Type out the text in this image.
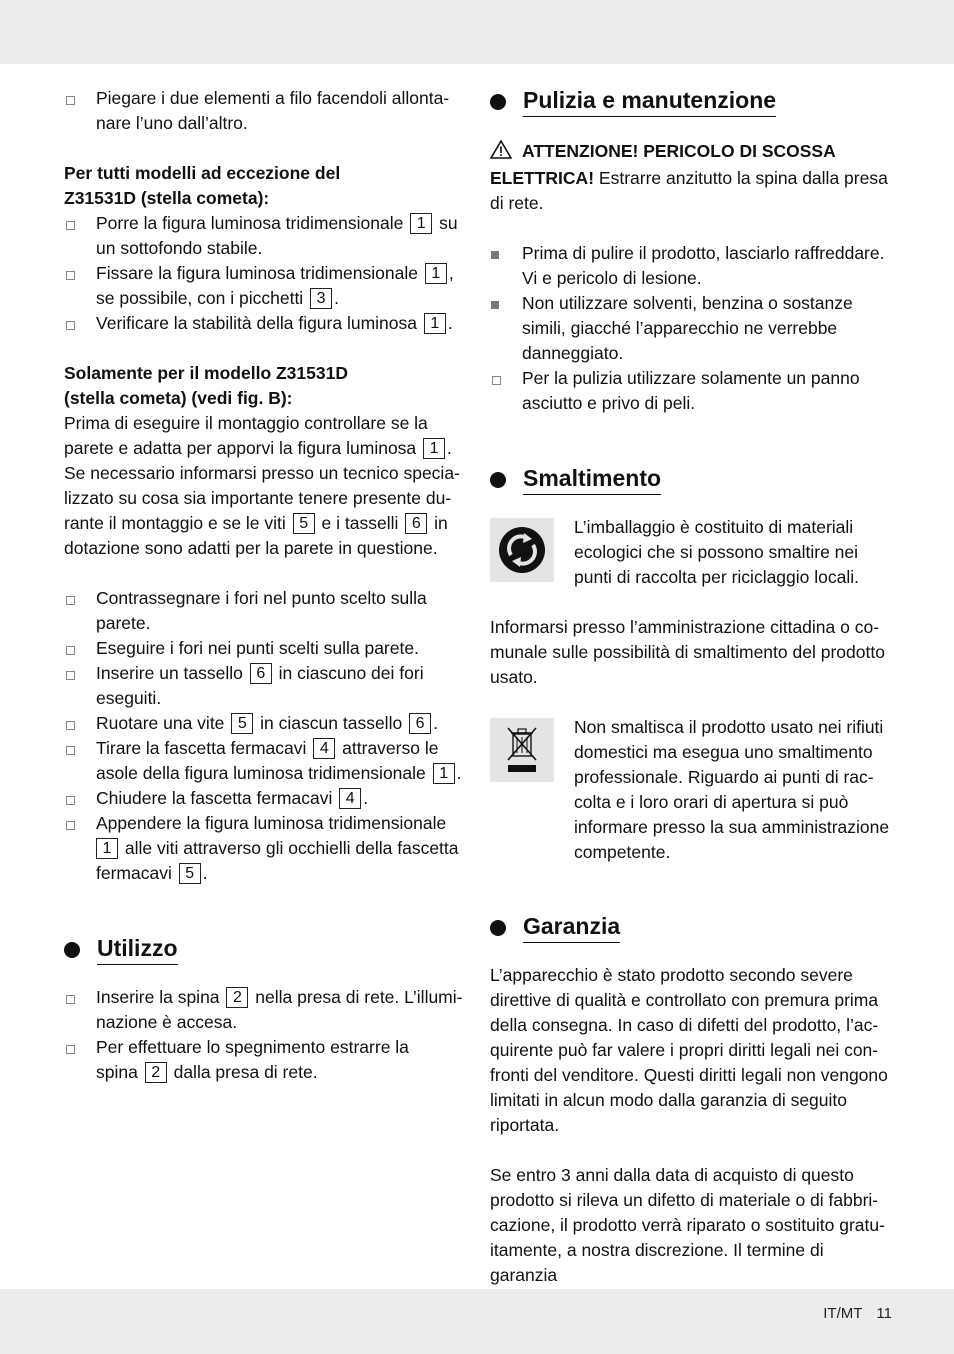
Piegare i due elementi a filo facendoli allonta-
nare l’uno dall’altro.

Per tutti modelli ad eccezione del
Z31531D (stella cometa):

Porre la figura luminosa tridimensionale 1 su
un sottofondo stabile.
Fissare la figura luminosa tridimensionale 1 ,
se possibile, con i picchetti 3 .
Verificare la stabilità della figura luminosa 1 .

Solamente per il modello Z31531D
(stella cometa) (vedi fig. B):

Prima di eseguire il montaggio controllare se la
parete e adatta per apporvi la figura luminosa 1 .
Se necessario informarsi presso un tecnico specia-
lizzato su cosa sia importante tenere presente du-
rante il montaggio e se le viti 5 e i tasselli 6 in
dotazione sono adatti per la parete in questione.

Contrassegnare i fori nel punto scelto sulla
parete.
Eseguire i fori nei punti scelti sulla parete.
Inserire un tassello 6 in ciascuno dei fori
eseguiti.
Ruotare una vite 5 in ciascun tassello 6 .
Tirare la fascetta fermacavi 4 attraverso le
asole della figura luminosa tridimensionale 1 .
Chiudere la fascetta fermacavi 4 .
Appendere la figura luminosa tridimensionale
1 alle viti attraverso gli occhielli della fascetta
fermacavi 5 .
Utilizzo
Inserire la spina 2 nella presa di rete. L’illumi-
nazione è accesa.
Per effettuare lo spegnimento estrarre la
spina 2 dalla presa di rete.
Pulizia e manutenzione

ATTENZIONE! PERICOLO DI SCOSSA
ELETTRICA! Estrarre anzitutto la spina dalla presa
di rete.

Prima di pulire il prodotto, lasciarlo raffreddare.
Vi e pericolo di lesione.
Non utilizzare solventi, benzina o sostanze
simili, giacché l’apparecchio ne verrebbe
danneggiato.
Per la pulizia utilizzare solamente un panno
asciutto e privo di peli.
Smaltimento

L’imballaggio è costituito di materiali
ecologici che si possono smaltire nei
punti di raccolta per riciclaggio locali.

Informarsi presso l’amministrazione cittadina o co-
munale sulle possibilità di smaltimento del prodotto
usato.

Non smaltisca il prodotto usato nei rifiuti
domestici ma esegua uno smaltimento
professionale. Riguardo ai punti di rac-
colta e i loro orari di apertura si può
informare presso la sua amministrazione
competente.

Garanzia

L’apparecchio è stato prodotto secondo severe
direttive di qualità e controllato con premura prima
della consegna. In caso di difetti del prodotto, l’ac-
quirente può far valere i propri diritti legali nei con-
fronti del venditore. Questi diritti legali non vengono
limitati in alcun modo dalla garanzia di seguito
riportata.

Se entro 3 anni dalla data di acquisto di questo
prodotto si rileva un difetto di materiale o di fabbri-
cazione, il prodotto verrà riparato o sostituito gratu-
itamente, a nostra discrezione. Il termine di garanzia

IT/MT 11
